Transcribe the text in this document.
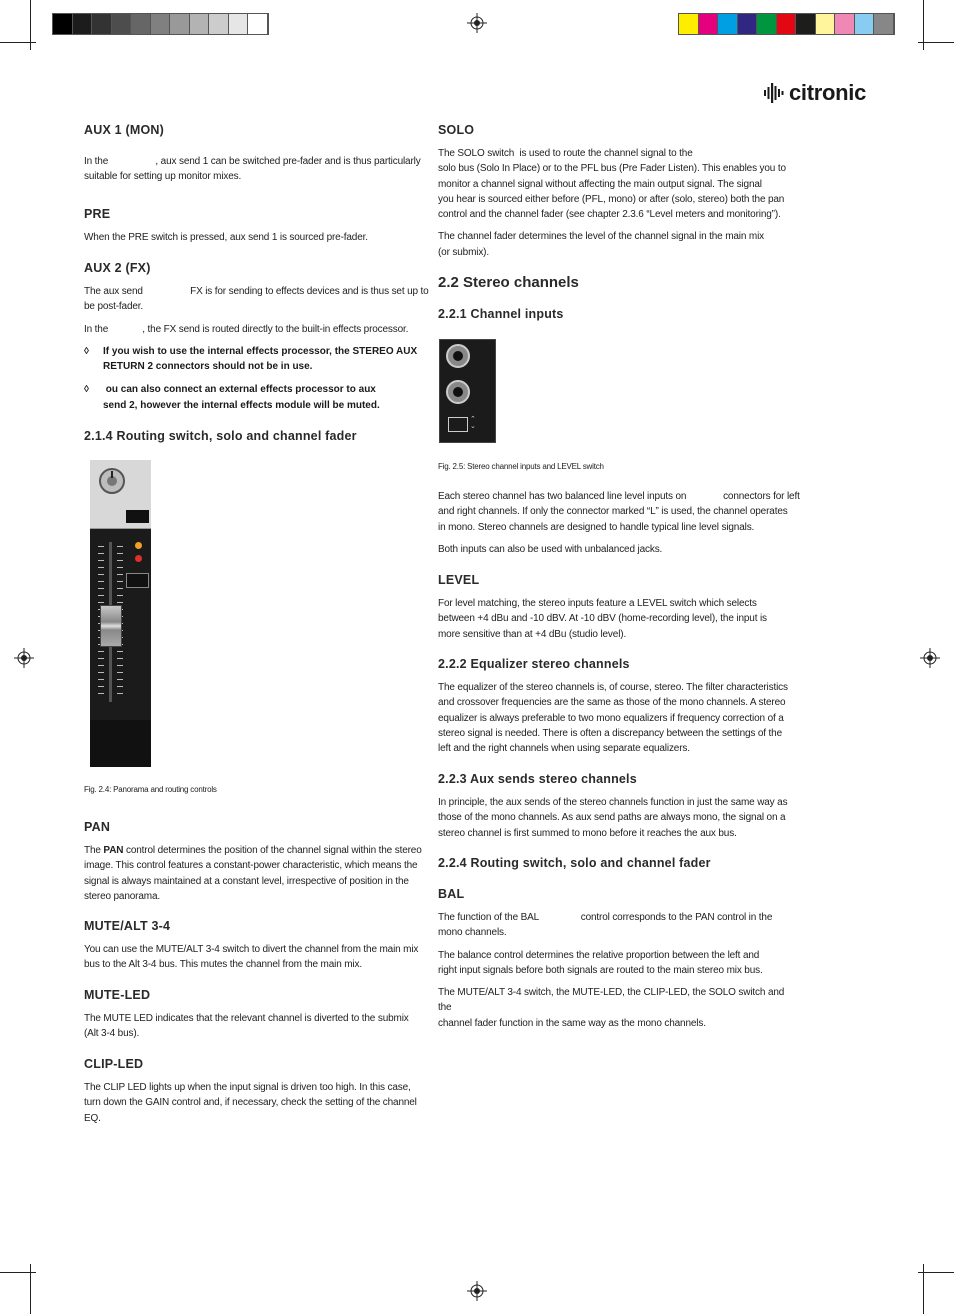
citronic
AUX 1 (MON)

In the                  , aux send 1 can be switched pre-fader and is thus particularly

suitable for setting up monitor mixes.

PRE

When the PRE switch is pressed, aux send 1 is sourced pre-fader.

AUX 2 (FX)

The aux send                  FX is for sending to effects devices and is thus set up to

be post-fader.

In the             , the FX send is routed directly to the built-in effects processor.

◊	If you wish to use the internal effects processor, the STEREO AUX
RETURN 2 connectors should not be in use.
◊	ou can also connect an external effects processor to aux
send 2, however the internal effects module will be muted.
2.1.4 Routing switch, solo and channel fader
Fig. 2.4: Panorama and routing controls
PAN

The PAN control determines the position of the channel signal within the stereo

image. This control features a constant-power characteristic, which means the

signal is always maintained at a constant level, irrespective of position in the

stereo panorama.

MUTE/ALT 3-4

You can use the MUTE/ALT 3-4 switch to divert the channel from the main mix

bus to the Alt 3-4 bus. This mutes the channel from the main mix.

MUTE-LED

The MUTE LED indicates that the relevant channel is diverted to the submix

(Alt 3-4 bus).

CLIP-LED

The CLIP LED lights up when the input signal is driven too high. In this case,

turn down the GAIN control and, if necessary, check the setting of the channel EQ.

SOLO

The SOLO switch  is used to route the channel signal to the

solo bus (Solo In Place) or to the PFL bus (Pre Fader Listen). This enables you to

monitor a channel signal without affecting the main output signal. The signal

you hear is sourced either before (PFL, mono) or after (solo, stereo) both the pan

control and the channel fader (see chapter 2.3.6 “Level meters and monitoring”).

The channel fader determines the level of the channel signal in the main mix

(or submix).

2.2 Stereo channels
2.2.1 Channel inputs
⌃
⌄
Fig. 2.5: Stereo channel inputs and LEVEL switch

Each stereo channel has two balanced line level inputs on              connectors for left

and right channels. If only the connector marked “L” is used, the channel operates

in mono. Stereo channels are designed to handle typical line level signals.

Both inputs can also be used with unbalanced jacks.

LEVEL

For level matching, the stereo inputs feature a LEVEL switch which selects

between +4 dBu and -10 dBV. At -10 dBV (home-recording level), the input is

more sensitive than at +4 dBu (studio level).

2.2.2 Equalizer stereo channels

The equalizer of the stereo channels is, of course, stereo. The filter characteristics

and crossover frequencies are the same as those of the mono channels. A stereo

equalizer is always preferable to two mono equalizers if frequency correction of a

stereo signal is needed. There is often a discrepancy between the settings of the

left and the right channels when using separate equalizers.

2.2.3 Aux sends stereo channels

In principle, the aux sends of the stereo channels function in just the same way as

those of the mono channels. As aux send paths are always mono, the signal on a

stereo channel is first summed to mono before it reaches the aux bus.

2.2.4 Routing switch, solo and channel fader
BAL

The function of the BAL                control corresponds to the PAN control in the

mono channels.

The balance control determines the relative proportion between the left and

right input signals before both signals are routed to the main stereo mix bus.

The MUTE/ALT 3-4 switch, the MUTE-LED, the CLIP-LED, the SOLO switch and the

channel fader function in the same way as the mono channels.
